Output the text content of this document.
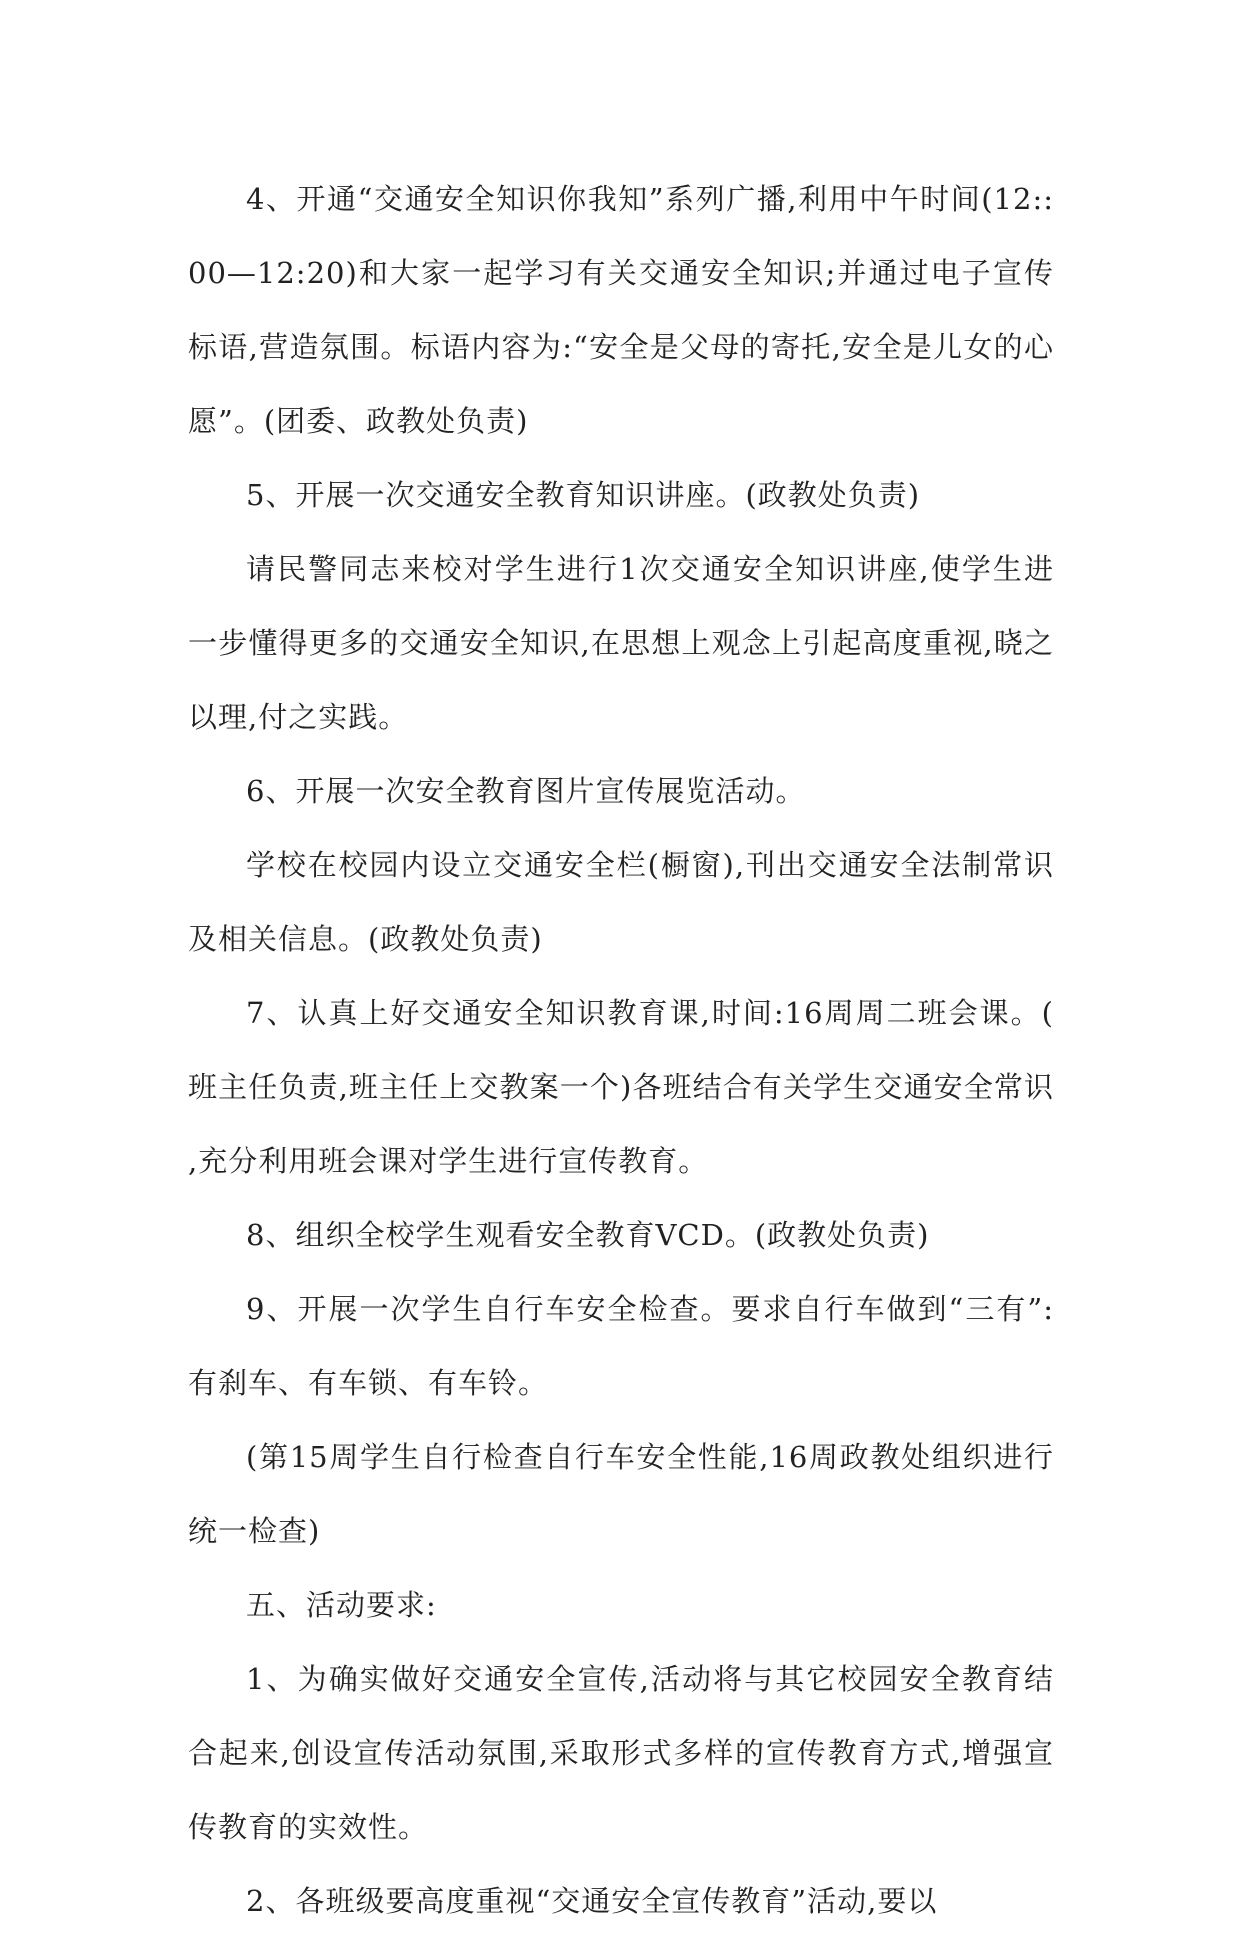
4、开通“交通安全知识你我知”系列广播,利用中午时间(12::00—12:20)和大家一起学习有关交通安全知识;并通过电子宣传标语,营造氛围。标语内容为:“安全是父母的寄托,安全是儿女的心愿”。(团委、政教处负责)

5、开展一次交通安全教育知识讲座。(政教处负责)

请民警同志来校对学生进行1次交通安全知识讲座,使学生进一步懂得更多的交通安全知识,在思想上观念上引起高度重视,晓之以理,付之实践。

6、开展一次安全教育图片宣传展览活动。

学校在校园内设立交通安全栏(橱窗),刊出交通安全法制常识及相关信息。(政教处负责)

7、认真上好交通安全知识教育课,时间:16周周二班会课。(班主任负责,班主任上交教案一个)各班结合有关学生交通安全常识,充分利用班会课对学生进行宣传教育。

8、组织全校学生观看安全教育VCD。(政教处负责)

9、开展一次学生自行车安全检查。要求自行车做到“三有”:有刹车、有车锁、有车铃。

(第15周学生自行检查自行车安全性能,16周政教处组织进行统一检查)

五、活动要求:

1、为确实做好交通安全宣传,活动将与其它校园安全教育结合起来,创设宣传活动氛围,采取形式多样的宣传教育方式,增强宣传教育的实效性。

2、各班级要高度重视“交通安全宣传教育”活动,要以
